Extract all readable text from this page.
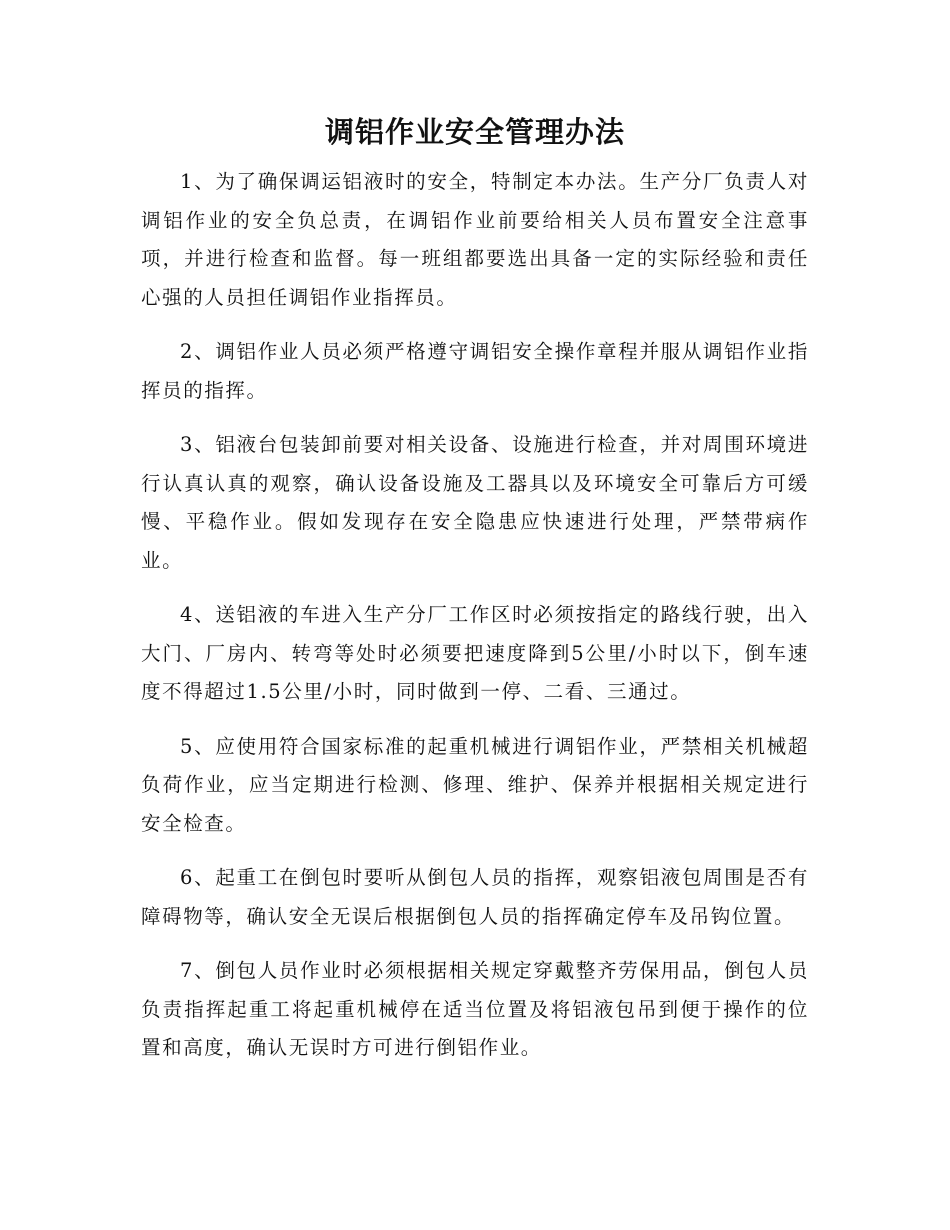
调铝作业安全管理办法

1、为了确保调运铝液时的安全，特制定本办法。生产分厂负责人对调铝作业的安全负总责，在调铝作业前要给相关人员布置安全注意事项，并进行检查和监督。每一班组都要选出具备一定的实际经验和责任心强的人员担任调铝作业指挥员。

2、调铝作业人员必须严格遵守调铝安全操作章程并服从调铝作业指挥员的指挥。

3、铝液台包装卸前要对相关设备、设施进行检查，并对周围环境进行认真认真的观察，确认设备设施及工器具以及环境安全可靠后方可缓慢、平稳作业。假如发现存在安全隐患应快速进行处理，严禁带病作业。

4、送铝液的车进入生产分厂工作区时必须按指定的路线行驶，出入大门、厂房内、转弯等处时必须要把速度降到5公里/小时以下，倒车速度不得超过1.5公里/小时，同时做到一停、二看、三通过。

5、应使用符合国家标准的起重机械进行调铝作业，严禁相关机械超负荷作业，应当定期进行检测、修理、维护、保养并根据相关规定进行安全检查。

6、起重工在倒包时要听从倒包人员的指挥，观察铝液包周围是否有障碍物等，确认安全无误后根据倒包人员的指挥确定停车及吊钩位置。

7、倒包人员作业时必须根据相关规定穿戴整齐劳保用品，倒包人员负责指挥起重工将起重机械停在适当位置及将铝液包吊到便于操作的位置和高度，确认无误时方可进行倒铝作业。
